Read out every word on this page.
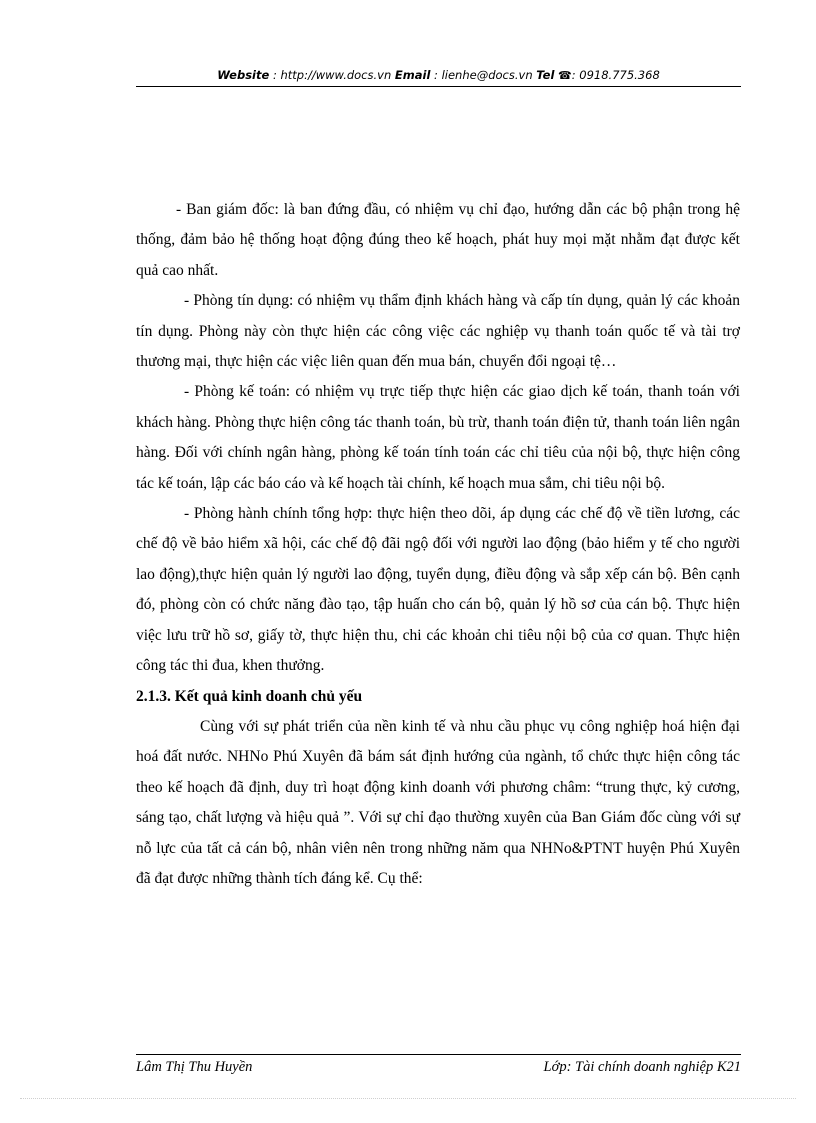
Website : http://www.docs.vn Email : lienhe@docs.vn Tel ☎: 0918.775.368

- Ban giám đốc: là ban đứng đầu, có nhiệm vụ chỉ đạo, hướng dẫn các bộ phận trong hệ thống, đảm bảo hệ thống hoạt động đúng theo kế hoạch, phát huy mọi mặt nhằm đạt được kết quả cao nhất.

- Phòng tín dụng: có nhiệm vụ thẩm định khách hàng và cấp tín dụng, quản lý các khoản tín dụng. Phòng này còn thực hiện các công việc các nghiệp vụ thanh toán quốc tế và tài trợ thương mại, thực hiện các việc liên quan đến mua bán, chuyển đổi ngoại tệ…

- Phòng kế toán: có nhiệm vụ trực tiếp thực hiện các giao dịch kế toán, thanh toán với khách hàng. Phòng thực hiện công tác thanh toán, bù trừ, thanh toán điện tử, thanh toán liên ngân hàng. Đối với chính ngân hàng, phòng kế toán tính toán các chỉ tiêu của nội bộ, thực hiện công tác kế toán, lập các báo cáo và kế hoạch tài chính, kế hoạch mua sắm, chi tiêu nội bộ.

- Phòng hành chính tổng hợp: thực hiện theo dõi, áp dụng các chế độ về tiền lương, các chế độ về bảo hiểm xã hội, các chế độ đãi ngộ đối với người lao động (bảo hiểm y tế cho người lao động),thực hiện quản lý người lao động, tuyển dụng, điều động và sắp xếp cán bộ. Bên cạnh đó, phòng còn có chức năng đào tạo, tập huấn cho cán bộ, quản lý hồ sơ của cán bộ. Thực hiện việc lưu trữ hồ sơ, giấy tờ, thực hiện thu, chi các khoản chi tiêu nội bộ của cơ quan. Thực hiện công tác thi đua, khen thưởng.

2.1.3. Kết quả kinh doanh chủ yếu

Cùng với sự phát triển của nền kinh tế và nhu cầu phục vụ công nghiệp hoá hiện đại hoá đất nước. NHNo Phú Xuyên đã bám sát định hướng của ngành, tổ chức thực hiện công tác theo kế hoạch đã định, duy trì hoạt động kinh doanh với phương châm: “trung thực, kỷ cương, sáng tạo, chất lượng và hiệu quả ”. Với sự chỉ đạo thường xuyên của Ban Giám đốc cùng với sự nỗ lực của tất cả cán bộ, nhân viên nên trong những năm qua NHNo&PTNT huyện Phú Xuyên đã đạt được những thành tích đáng kể. Cụ thể:

Lâm Thị Thu Huyền	Lớp: Tài chính doanh nghiệp K21
